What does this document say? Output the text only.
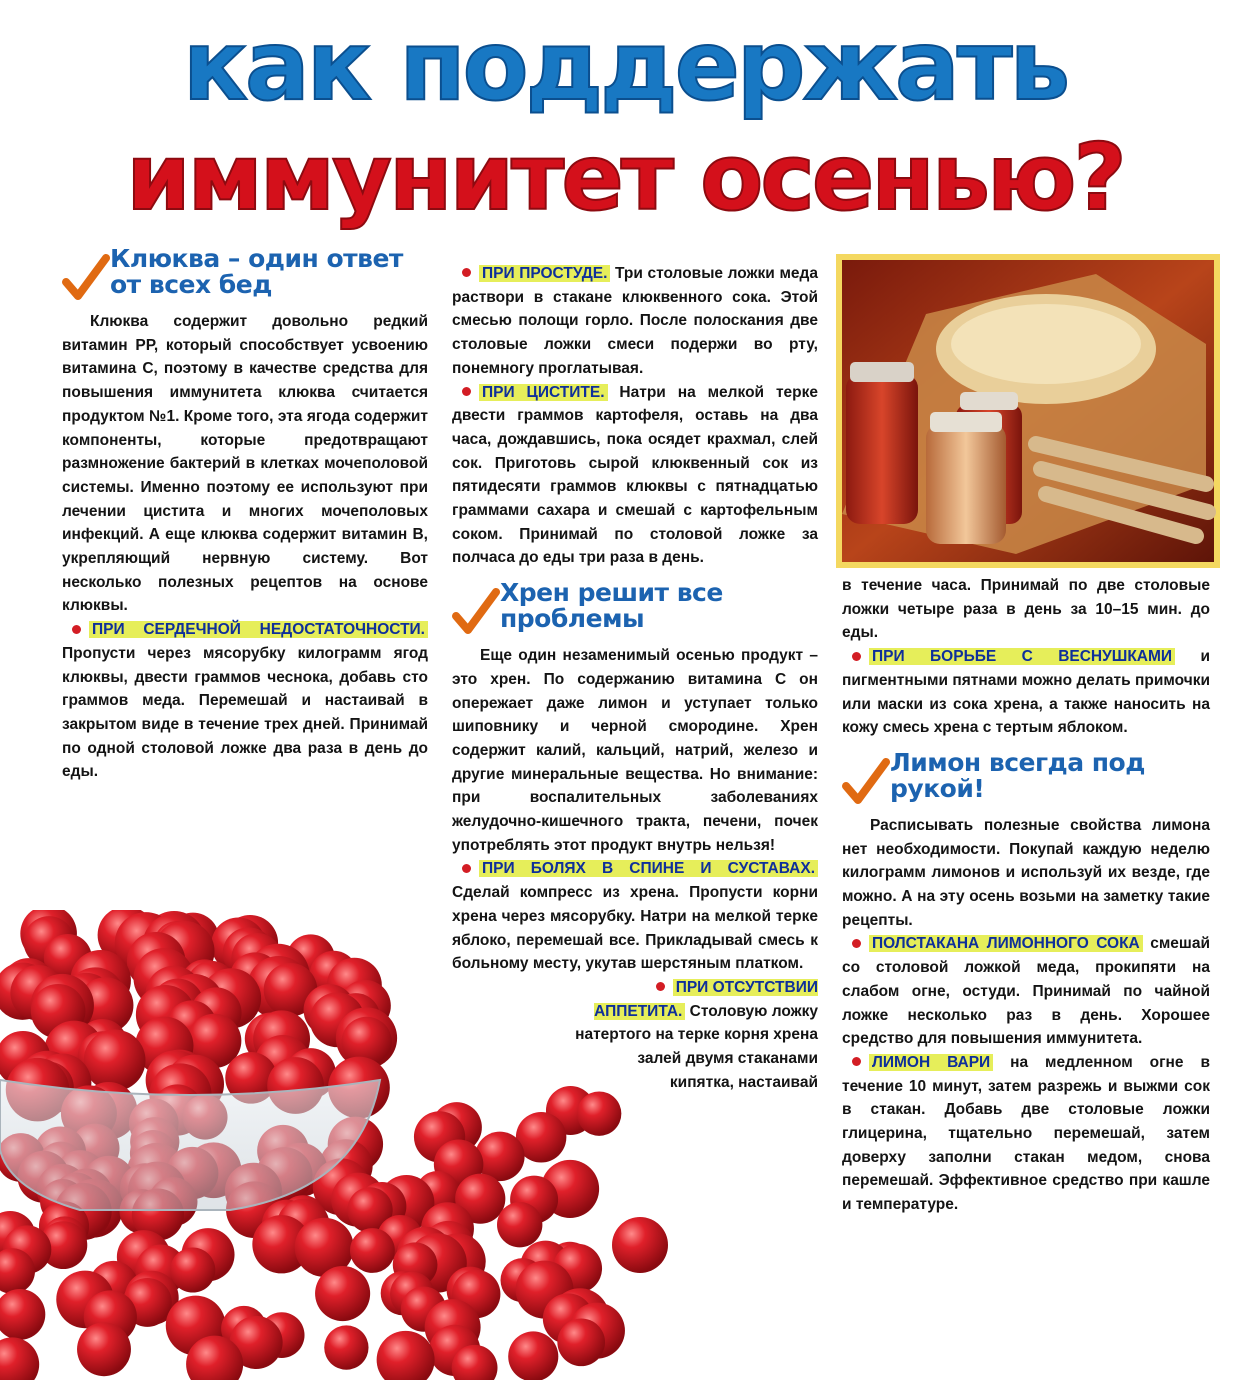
как поддержать
иммунитет осенью?
Клюква – один ответ от всех бед

Клюква содержит довольно редкий витамин РР, который способствует усвоению витамина С, поэтому в качестве средства для повышения иммунитета клюква считается продуктом №1. Кроме того, эта ягода содержит компоненты, которые предотвращают размножение бактерий в клетках мочеполовой системы. Именно поэтому ее используют при лечении цистита и многих мочеполовых инфекций. А еще клюква содержит витамин В, укрепляющий нервную систему. Вот несколько полезных рецептов на основе клюквы.

ПРИ СЕРДЕЧНОЙ НЕДОСТАТОЧНОСТИ. Пропусти через мясорубку килограмм ягод клюквы, двести граммов чеснока, добавь сто граммов меда. Перемешай и настаивай в закрытом виде в течение трех дней. Принимай по одной столовой ложке два раза в день до еды.

ПРИ ПРОСТУДЕ. Три столовые ложки меда раствори в стакане клюквенного сока. Этой смесью полощи горло. После полоскания две столовые ложки смеси подержи во рту, понемногу проглатывая.

ПРИ ЦИСТИТЕ. Натри на мелкой терке двести граммов картофеля, оставь на два часа, дождавшись, пока осядет крахмал, слей сок. Приготовь сырой клюквенный сок из пятидесяти граммов клюквы с пятнадцатью граммами сахара и смешай с картофельным соком. Принимай по столовой ложке за полчаса до еды три раза в день.

Хрен решит все проблемы

Еще один незаменимый осенью продукт – это хрен. По содержанию витамина С он опережает даже лимон и уступает только шиповнику и черной смородине. Хрен содержит калий, кальций, натрий, железо и другие минеральные вещества. Но внимание: при воспалительных заболеваниях желудочно-кишечного тракта, печени, почек употреблять этот продукт внутрь нельзя!

ПРИ БОЛЯХ В СПИНЕ И СУСТАВАХ. Сделай компресс из хрена. Пропусти корни хрена через мясорубку. Натри на мелкой терке яблоко, перемешай все. Прикладывай смесь к больному месту, укутав шерстяным платком.

ПРИ ОТСУТСТВИИ АППЕТИТА. Столовую ложку натертого на терке корня хрена залей двумя стаканами кипятка, настаивай

в течение часа. Принимай по две столовые ложки четыре раза в день за 10–15 мин. до еды.

ПРИ БОРЬБЕ С ВЕСНУШКАМИ и пигментными пятнами можно делать примочки или маски из сока хрена, а также наносить на кожу смесь хрена с тертым яблоком.

Лимон всегда под рукой!

Расписывать полезные свойства лимона нет необходимости. Покупай каждую неделю килограмм лимонов и используй их везде, где можно. А на эту осень возьми на заметку такие рецепты.

ПОЛСТАКАНА ЛИМОННОГО СОКА смешай со столовой ложкой меда, прокипяти на слабом огне, остуди. Принимай по чайной ложке несколько раз в день. Хорошее средство для повышения иммунитета.

ЛИМОН ВАРИ на медленном огне в течение 10 минут, затем разрежь и выжми сок в стакан. Добавь две столовые ложки глицерина, тщательно перемешай, затем доверху заполни стакан медом, снова перемешай. Эффективное средство при кашле и температуре.
